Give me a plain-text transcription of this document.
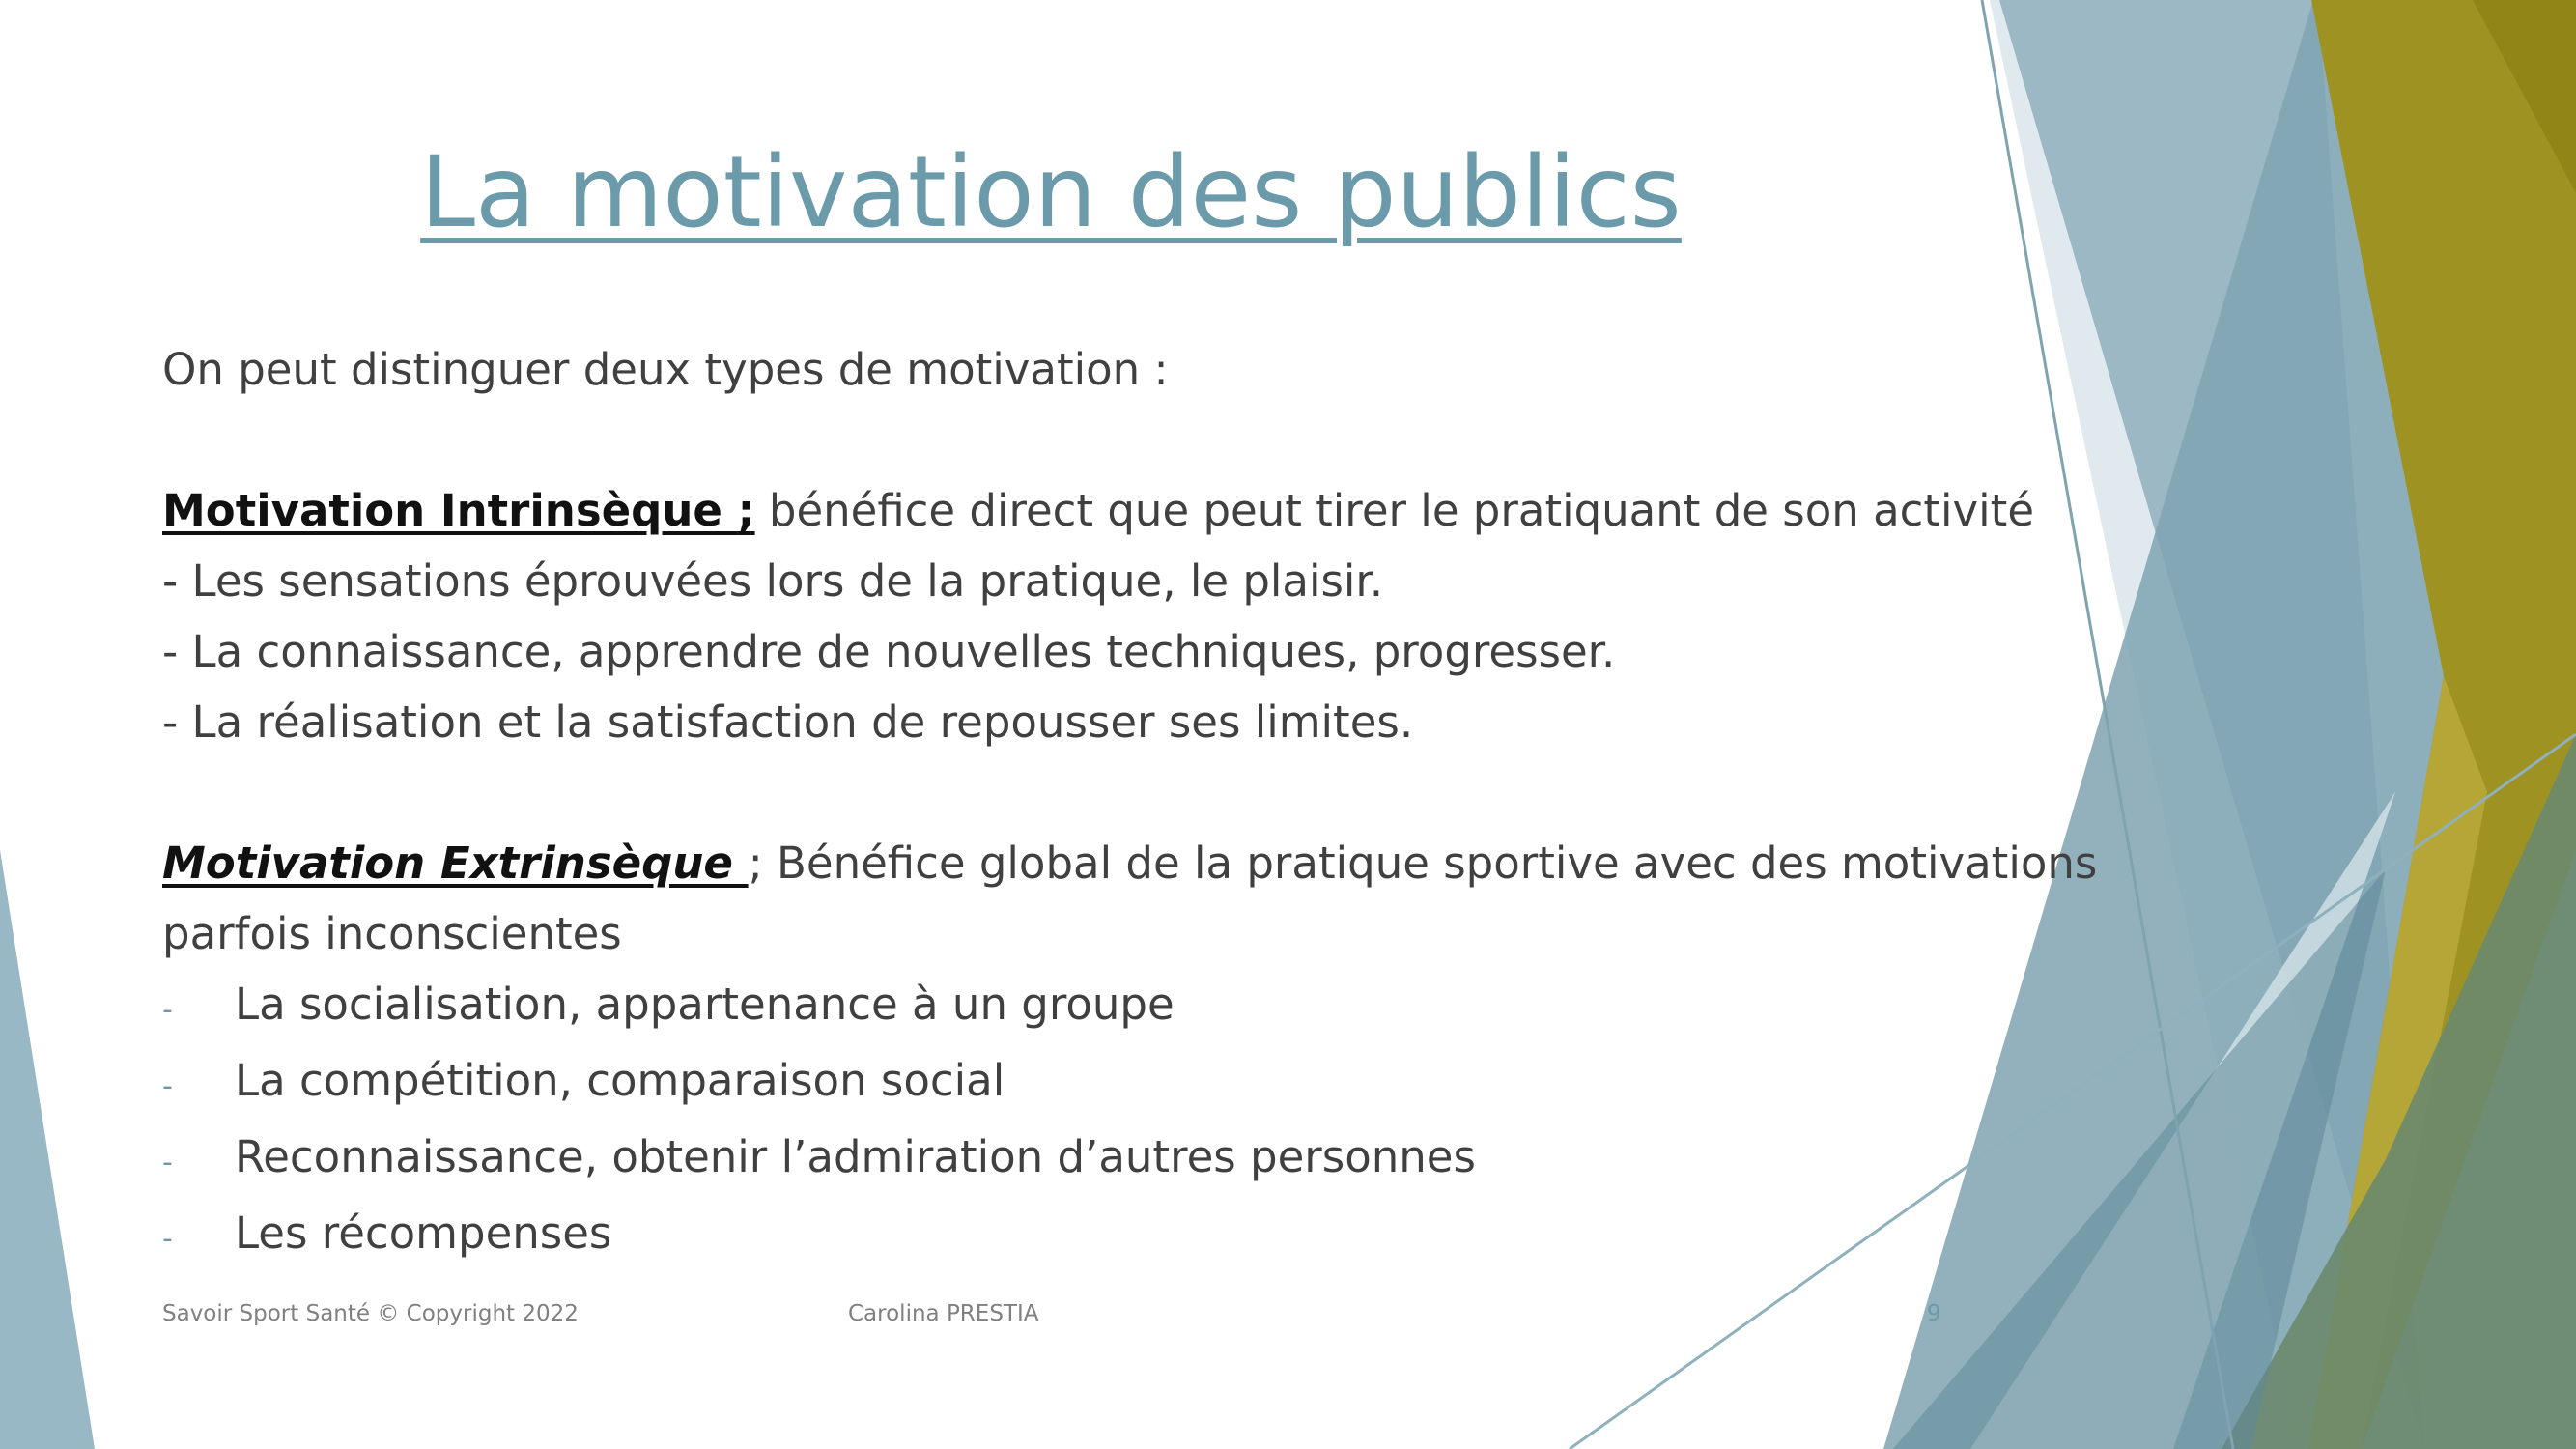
La motivation des publics
On peut distinguer deux types de motivation :
Motivation Intrinsèque ; bénéfice direct que peut tirer le pratiquant de son activité
- Les sensations éprouvées lors de la pratique, le plaisir.
- La connaissance, apprendre de nouvelles techniques, progresser.
- La réalisation et la satisfaction de repousser ses limites.
Motivation Extrinsèque ; Bénéfice global de la pratique sportive avec des motivations
parfois inconscientes
-	La socialisation, appartenance à un groupe
-	La compétition, comparaison social
-	Reconnaissance, obtenir l’admiration d’autres personnes
-	Les récompenses
Savoir Sport Santé © Copyright 2022	Carolina PRESTIA	9
